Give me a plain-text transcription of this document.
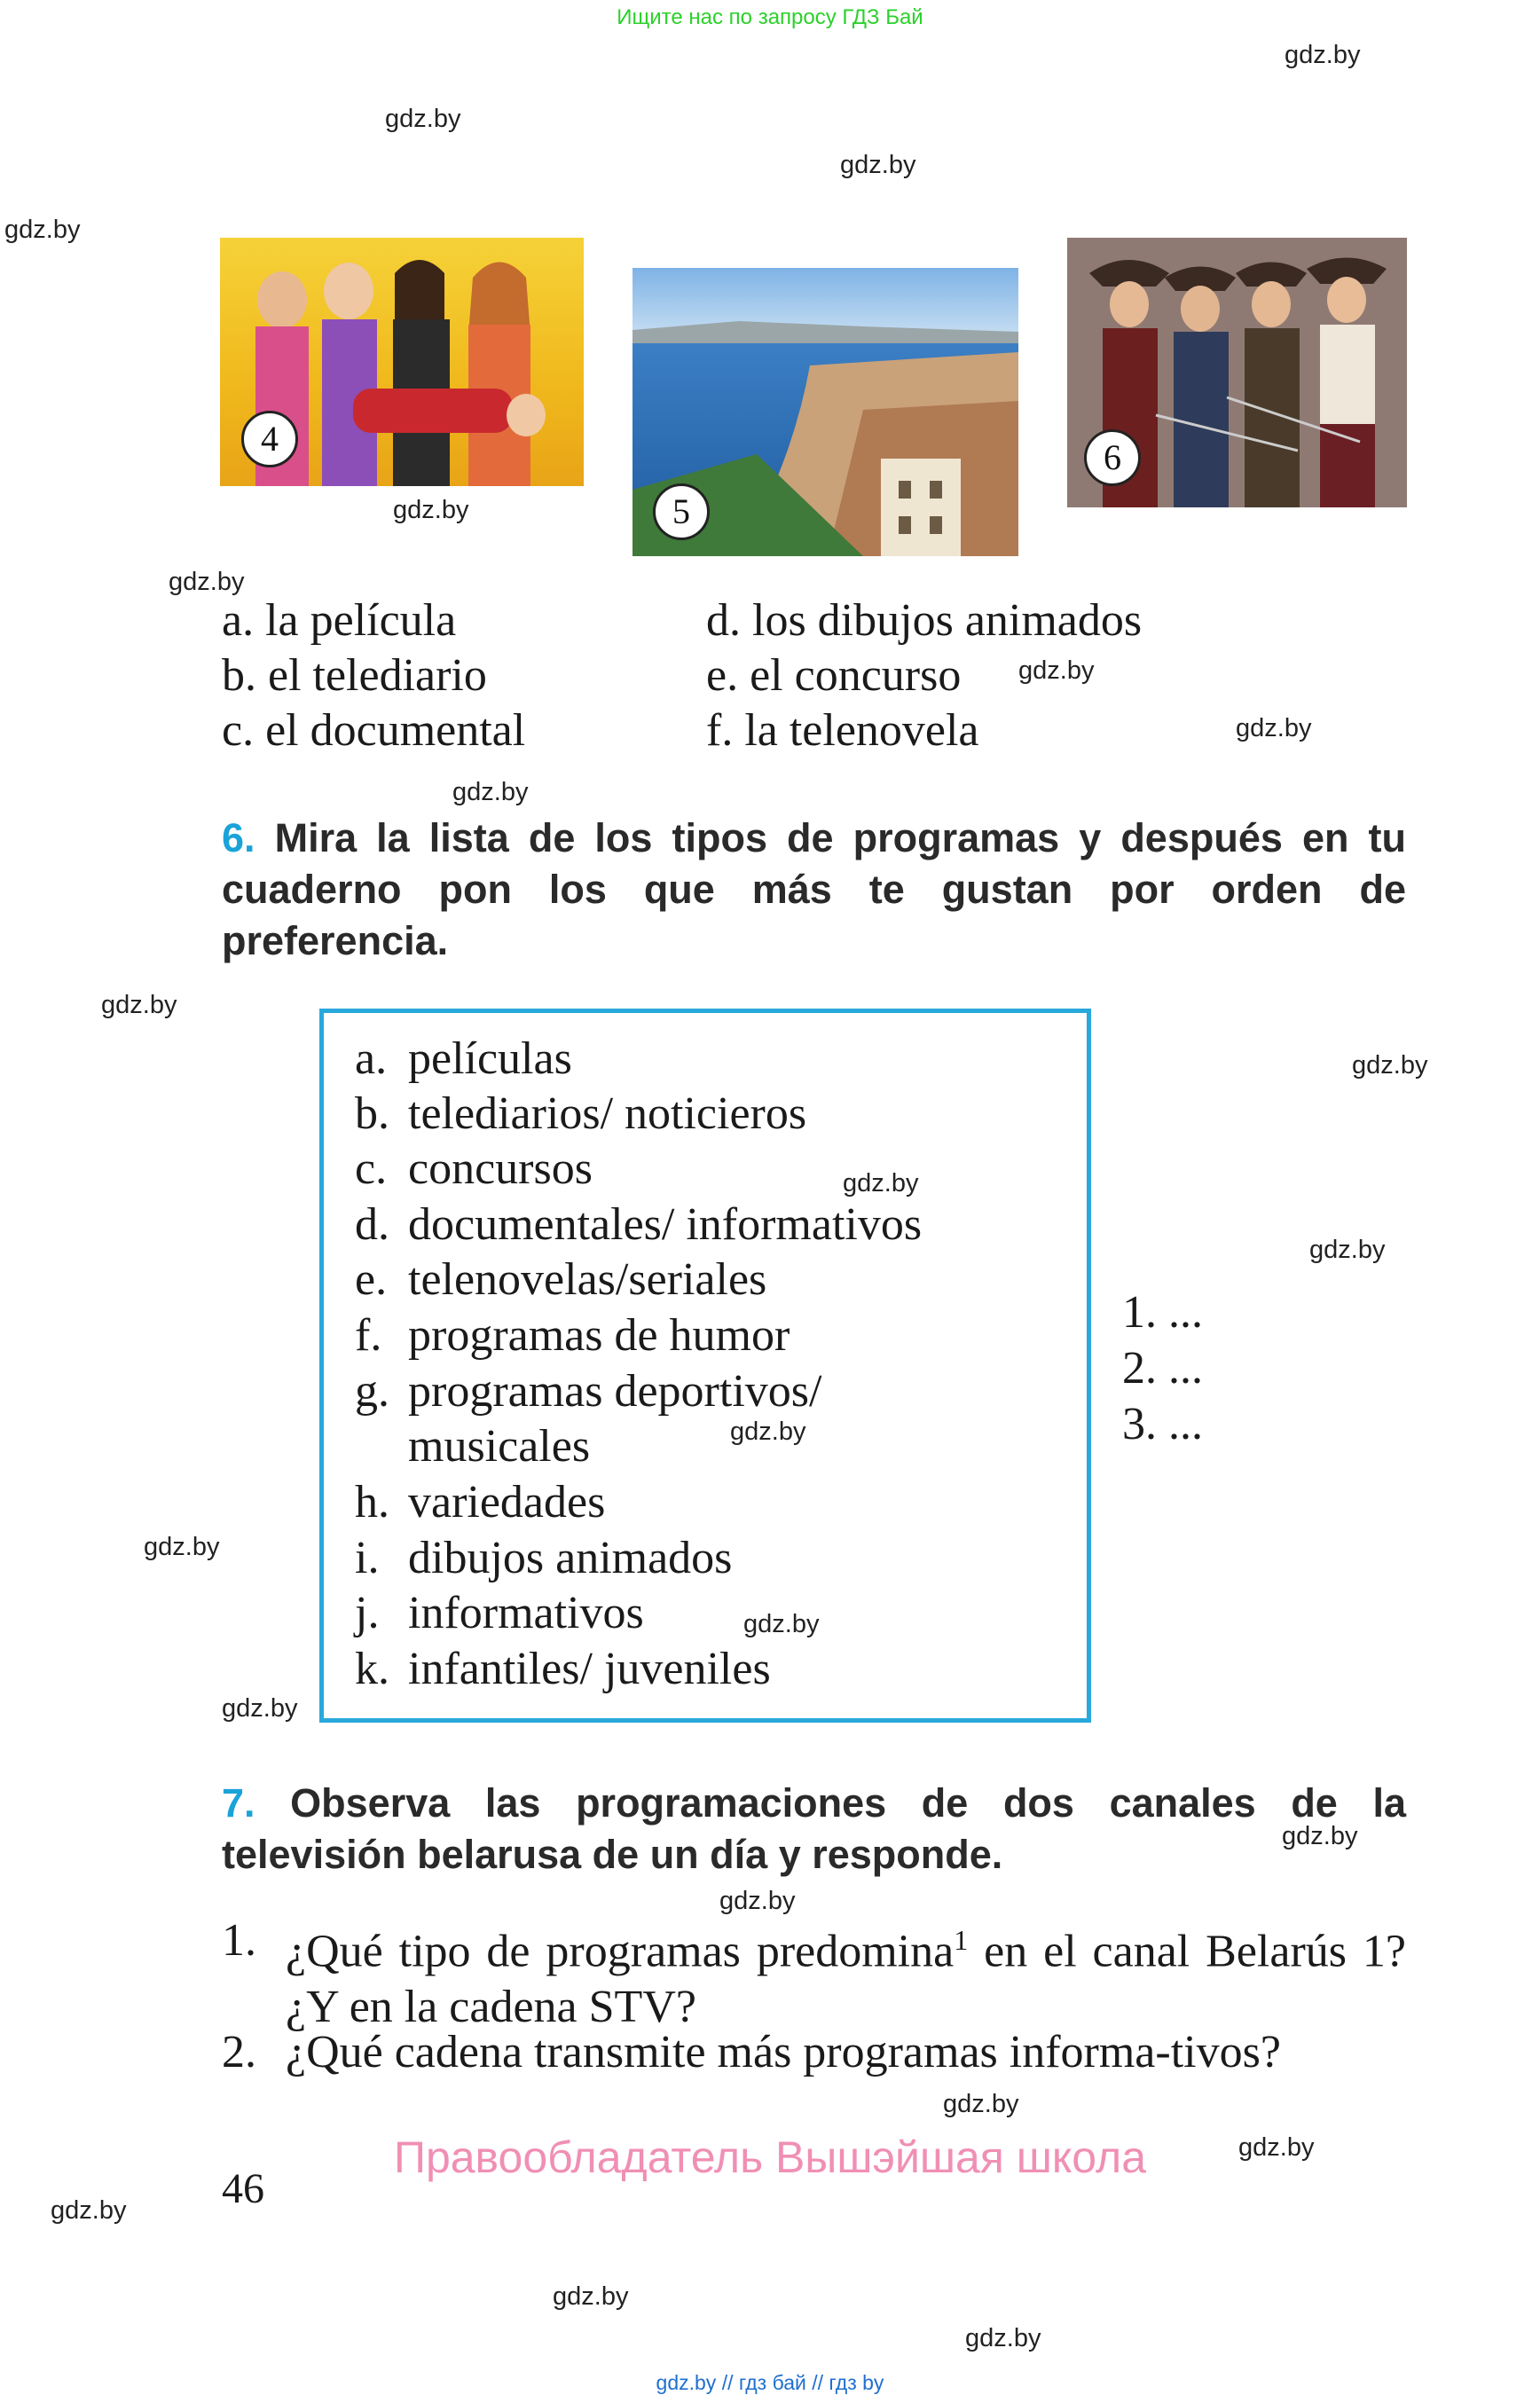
Ищите нас по запросу ГДЗ Бай
gdz.by // гдз бай // гдз by
gdz.by
gdz.by
gdz.by
gdz.by
gdz.by
gdz.by
gdz.by
gdz.by
gdz.by
gdz.by
gdz.by
gdz.by
gdz.by
gdz.by
gdz.by
gdz.by
gdz.by
gdz.by
gdz.by
gdz.by
gdz.by
gdz.by
gdz.by
gdz.by
4
5
6
a. la película
b. el telediario
c. el documental
d. los dibujos animados
e. el concurso
f. la telenovela
6. Mira la lista de los tipos de programas y después en tu cuaderno pon los que más te gustan por orden de preferencia.
a. películas
b. telediarios/ noticieros
c. concursos
d. documentales/ informativos
e. telenovelas/seriales
f. programas de humor
g. programas deportivos/
musicales
h. variedades
i. dibujos animados
j. informativos
k. infantiles/ juveniles
1. ...
2. ...
3. ...
7. Observa las programaciones de dos canales de la televisión belarusa de un día y responde.
1. ¿Qué tipo de programas predomina$^1$ en el canal Belarús 1? ¿Y en la cadena STV?
2. ¿Qué cadena transmite más programas informa-tivos?
Правообладатель Вышэйшая школа
46
